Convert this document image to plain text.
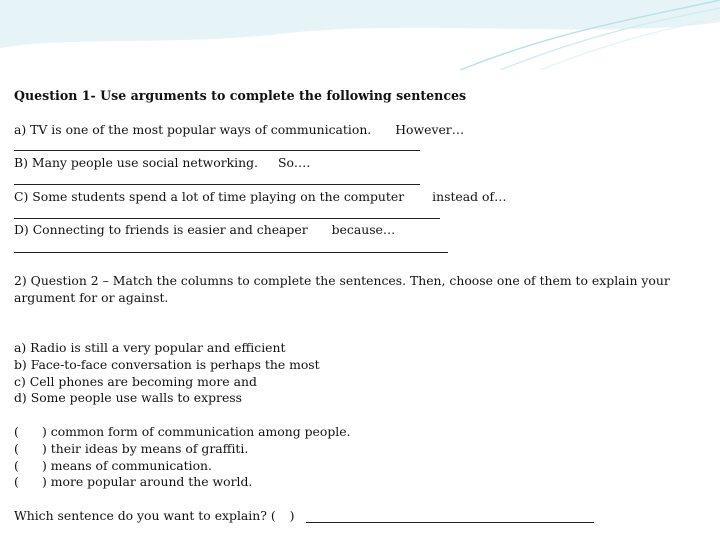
Question 1- Use arguments to complete the following sentences
a) TV is one of the most popular ways of communication. However…
B) Many people use social networking. So….
C) Some students spend a lot of time playing on the computer instead of…
D) Connecting to friends is easier and cheaper because…
2) Question 2 – Match the columns to complete the sentences. Then, choose one of them to explain your argument for or against.
a) Radio is still a very popular and efficient
b) Face-to-face conversation is perhaps the most
c) Cell phones are becoming more and
d) Some people use walls to express
( ) common form of communication among people.
( ) their ideas by means of graffiti.
( ) means of communication.
( ) more popular around the world.
Which sentence do you want to explain? ( )
